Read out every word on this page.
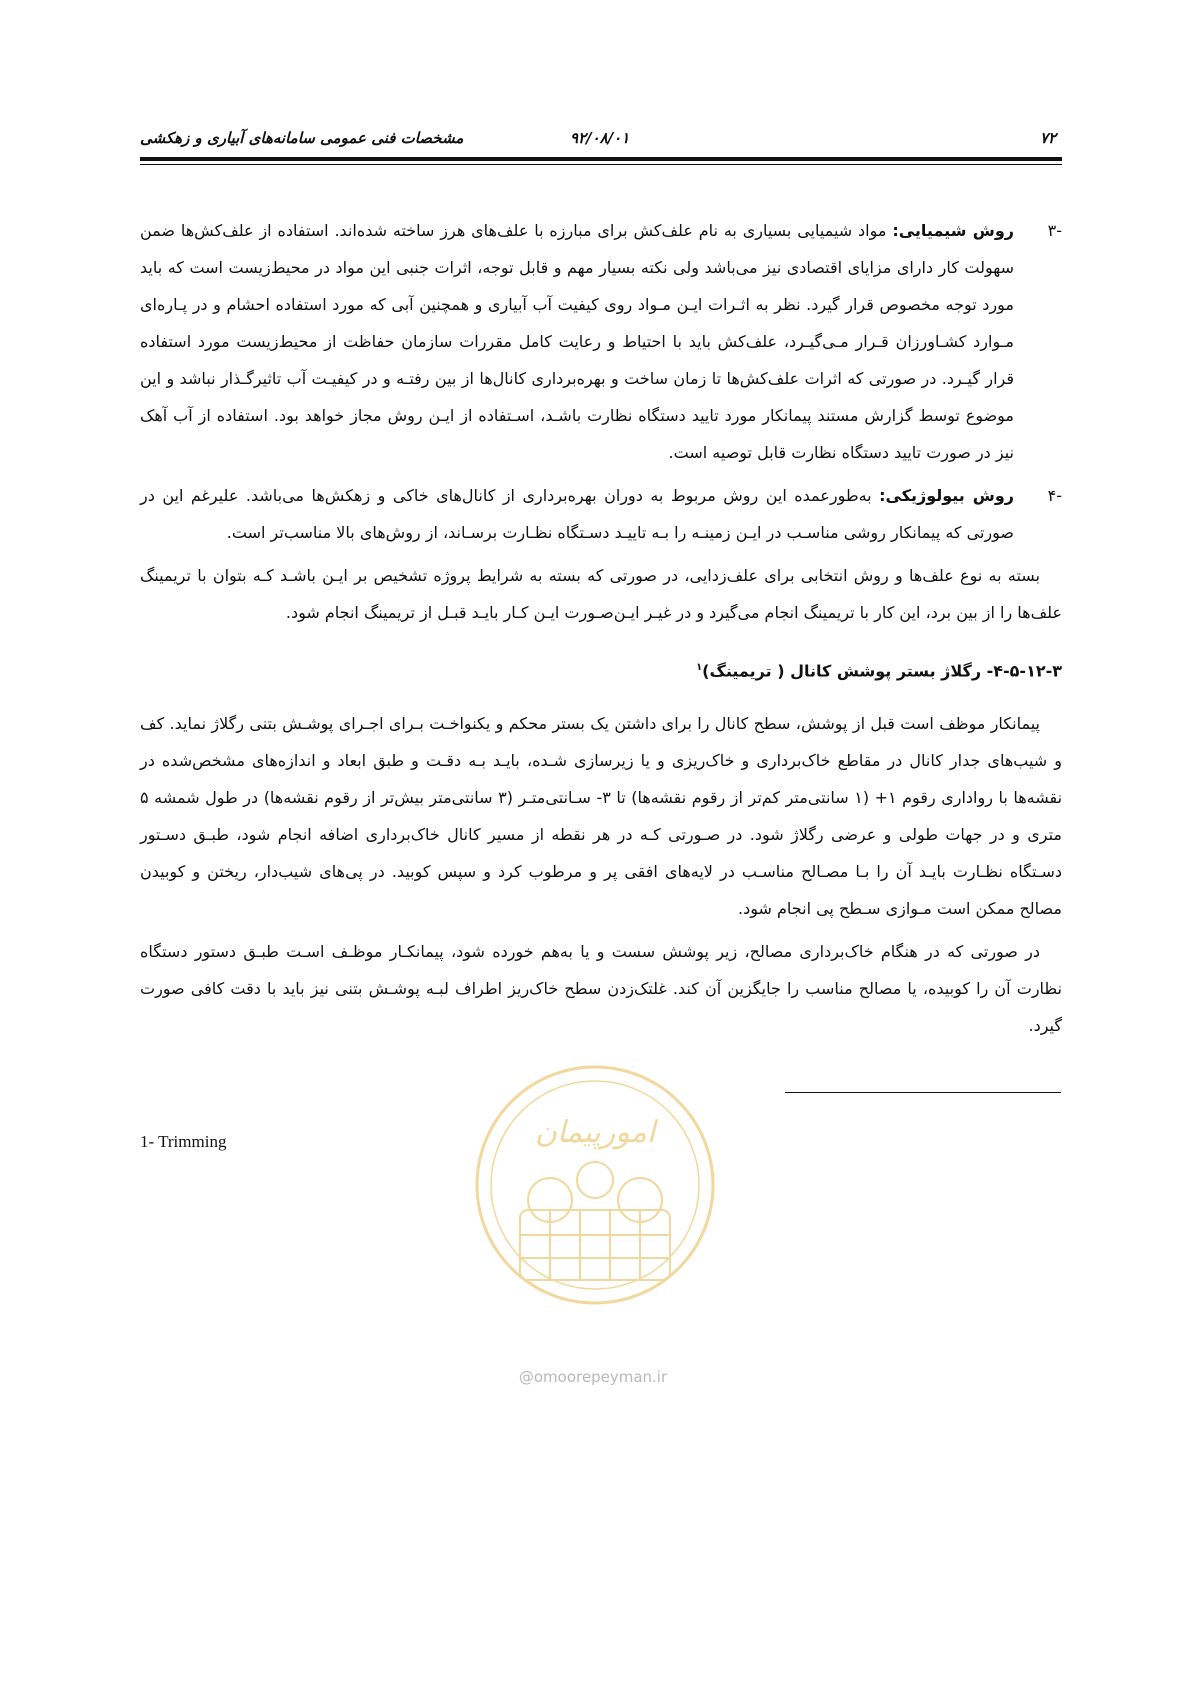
۷۲
۹۲/۰۸/۰۱
مشخصات فنی عمومی سامانه‌های آبیاری و زهکشی
-۳
روش شیمیایی: مواد شیمیایی بسیاری به نام علف‌کش برای مبارزه با علف‌های هرز ساخته شده‌اند. استفاده از علف‌کش‌ها ضمن سهولت کار دارای مزایای اقتصادی نیز می‌باشد ولی نکته بسیار مهم و قابل توجه، اثرات جنبی این مواد در محیط‌زیست است که باید مورد توجه مخصوص قرار گیرد. نظر به اثـرات ایـن مـواد روی کیفیت آب آبیاری و همچنین آبی که مورد استفاده احشام و در پـاره‌ای مـوارد کشـاورزان قـرار مـی‌گیـرد، علف‌کش باید با احتیاط و رعایت کامل مقررات سازمان حفاظت از محیط‌زیست مورد استفاده قرار گیـرد. در صورتی که اثرات علف‌کش‌ها تا زمان ساخت و بهره‌برداری کانال‌ها از بین رفتـه و در کیفیـت آب تاثیرگـذار نباشد و این موضوع توسط گزارش مستند پیمانکار مورد تایید دستگاه نظارت باشـد، اسـتفاده از ایـن روش مجاز خواهد بود. استفاده از آب آهک نیز در صورت تایید دستگاه نظارت قابل توصیه است.
-۴
روش بیولوژیکی: به‌طورعمده این روش مربوط به دوران بهره‌برداری از کانال‌های خاکی و زهکش‌ها می‌باشد. علیرغم این در صورتی که پیمانکار روشی مناسـب در ایـن زمینـه را بـه تاییـد دسـتگاه نظـارت برسـاند، از روش‌های بالا مناسب‌تر است.

بسته به نوع علف‌ها و روش انتخابی برای علف‌زدایی، در صورتی که بسته به شرایط پروژه تشخیص بر ایـن باشـد کـه بتوان با تریمینگ علف‌ها را از بین برد، این کار با تریمینگ انجام می‌گیرد و در غیـر ایـن‌صـورت ایـن کـار بایـد قبـل از تریمینگ انجام شود.

۴-۵-۱۲-۳- رگلاژ بستر پوشش کانال ( تریمینگ)$^۱$

پیمانکار موظف است قبل از پوشش، سطح کانال را برای داشتن یک بستر محکم و یکنواخـت بـرای اجـرای پوشـش بتنی رگلاژ نماید. کف و شیب‌های جدار کانال در مقاطع خاک‌برداری و خاک‌ریزی و یا زیرسازی شـده، بایـد بـه دقـت و طبق ابعاد و اندازه‌های مشخص‌شده در نقشه‌ها با رواداری رقوم ۱+ (۱ سانتی‌متر کم‌تر از رقوم نقشه‌ها) تا ۳- سـانتی‌متـر (۳ سانتی‌متر بیش‌تر از رقوم نقشه‌ها) در طول شمشه ۵ متری و در جهات طولی و عرضی رگلاژ شود. در صـورتی کـه در هر نقطه از مسیر کانال خاک‌برداری اضافه انجام شود، طبـق دسـتور دسـتگاه نظـارت بایـد آن را بـا مصـالح مناسـب در لایه‌های افقی پر و مرطوب کرد و سپس کوبید. در پی‌های شیب‌دار، ریختن و کوبیدن مصالح ممکن است مـوازی سـطح پی انجام شود.

در صورتی که در هنگام خاک‌برداری مصالح، زیر پوشش سست و یا به‌هم خورده شود، پیمانکـار موظـف اسـت طبـق دستور دستگاه نظارت آن را کوبیده، یا مصالح مناسب را جایگزین آن کند. غلتک‌زدن سطح خاک‌ریز اطراف لبـه پوشـش بتنی نیز باید با دقت کافی صورت گیرد.

1- Trimming	امورپیمان
@omoorepeyman.ir
